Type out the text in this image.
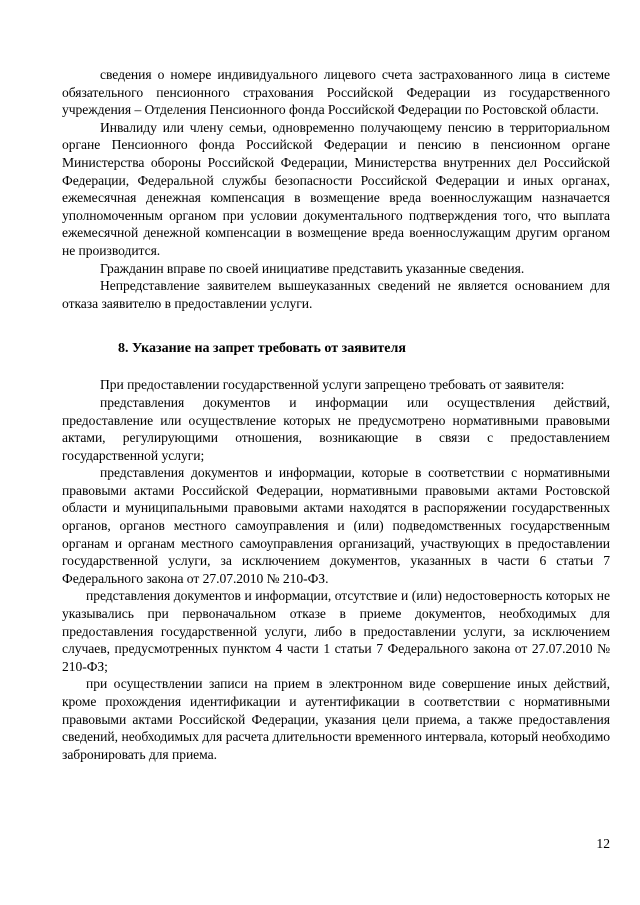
сведения о номере индивидуального лицевого счета застрахованного лица в системе обязательного пенсионного страхования Российской Федерации из государственного учреждения – Отделения Пенсионного фонда Российской Федерации по Ростовской области.

Инвалиду или члену семьи, одновременно получающему пенсию в территориальном органе Пенсионного фонда Российской Федерации и пенсию в пенсионном органе Министерства обороны Российской Федерации, Министерства внутренних дел Российской Федерации, Федеральной службы безопасности Российской Федерации и иных органах, ежемесячная денежная компенсация в возмещение вреда военнослужащим назначается уполномоченным органом при условии документального подтверждения того, что выплата ежемесячной денежной компенсации в возмещение вреда военнослужащим другим органом не производится.

Гражданин вправе по своей инициативе представить указанные сведения.

Непредставление заявителем вышеуказанных сведений не является основанием для отказа заявителю в предоставлении услуги.

8. Указание на запрет требовать от заявителя

При предоставлении государственной услуги запрещено требовать от заявителя:

представления документов и информации или осуществления действий, предоставление или осуществление которых не предусмотрено нормативными правовыми актами, регулирующими отношения, возникающие в связи с предоставлением государственной услуги;

представления документов и информации, которые в соответствии с нормативными правовыми актами Российской Федерации, нормативными правовыми актами Ростовской области и муниципальными правовыми актами находятся в распоряжении государственных органов, органов местного самоуправления и (или) подведомственных государственным органам и органам местного самоуправления организаций, участвующих в предоставлении государственной услуги, за исключением документов, указанных в части 6 статьи 7 Федерального закона от 27.07.2010 № 210-ФЗ.

представления документов и информации, отсутствие и (или) недостоверность которых не указывались при первоначальном отказе в приеме документов, необходимых для предоставления государственной услуги, либо в предоставлении услуги, за исключением случаев, предусмотренных пунктом 4 части 1 статьи 7 Федерального закона от 27.07.2010 № 210-ФЗ;

при осуществлении записи на прием в электронном виде совершение иных действий, кроме прохождения идентификации и аутентификации в соответствии с нормативными правовыми актами Российской Федерации, указания цели приема, а также предоставления сведений, необходимых для расчета длительности временного интервала, который необходимо забронировать для приема.

12
